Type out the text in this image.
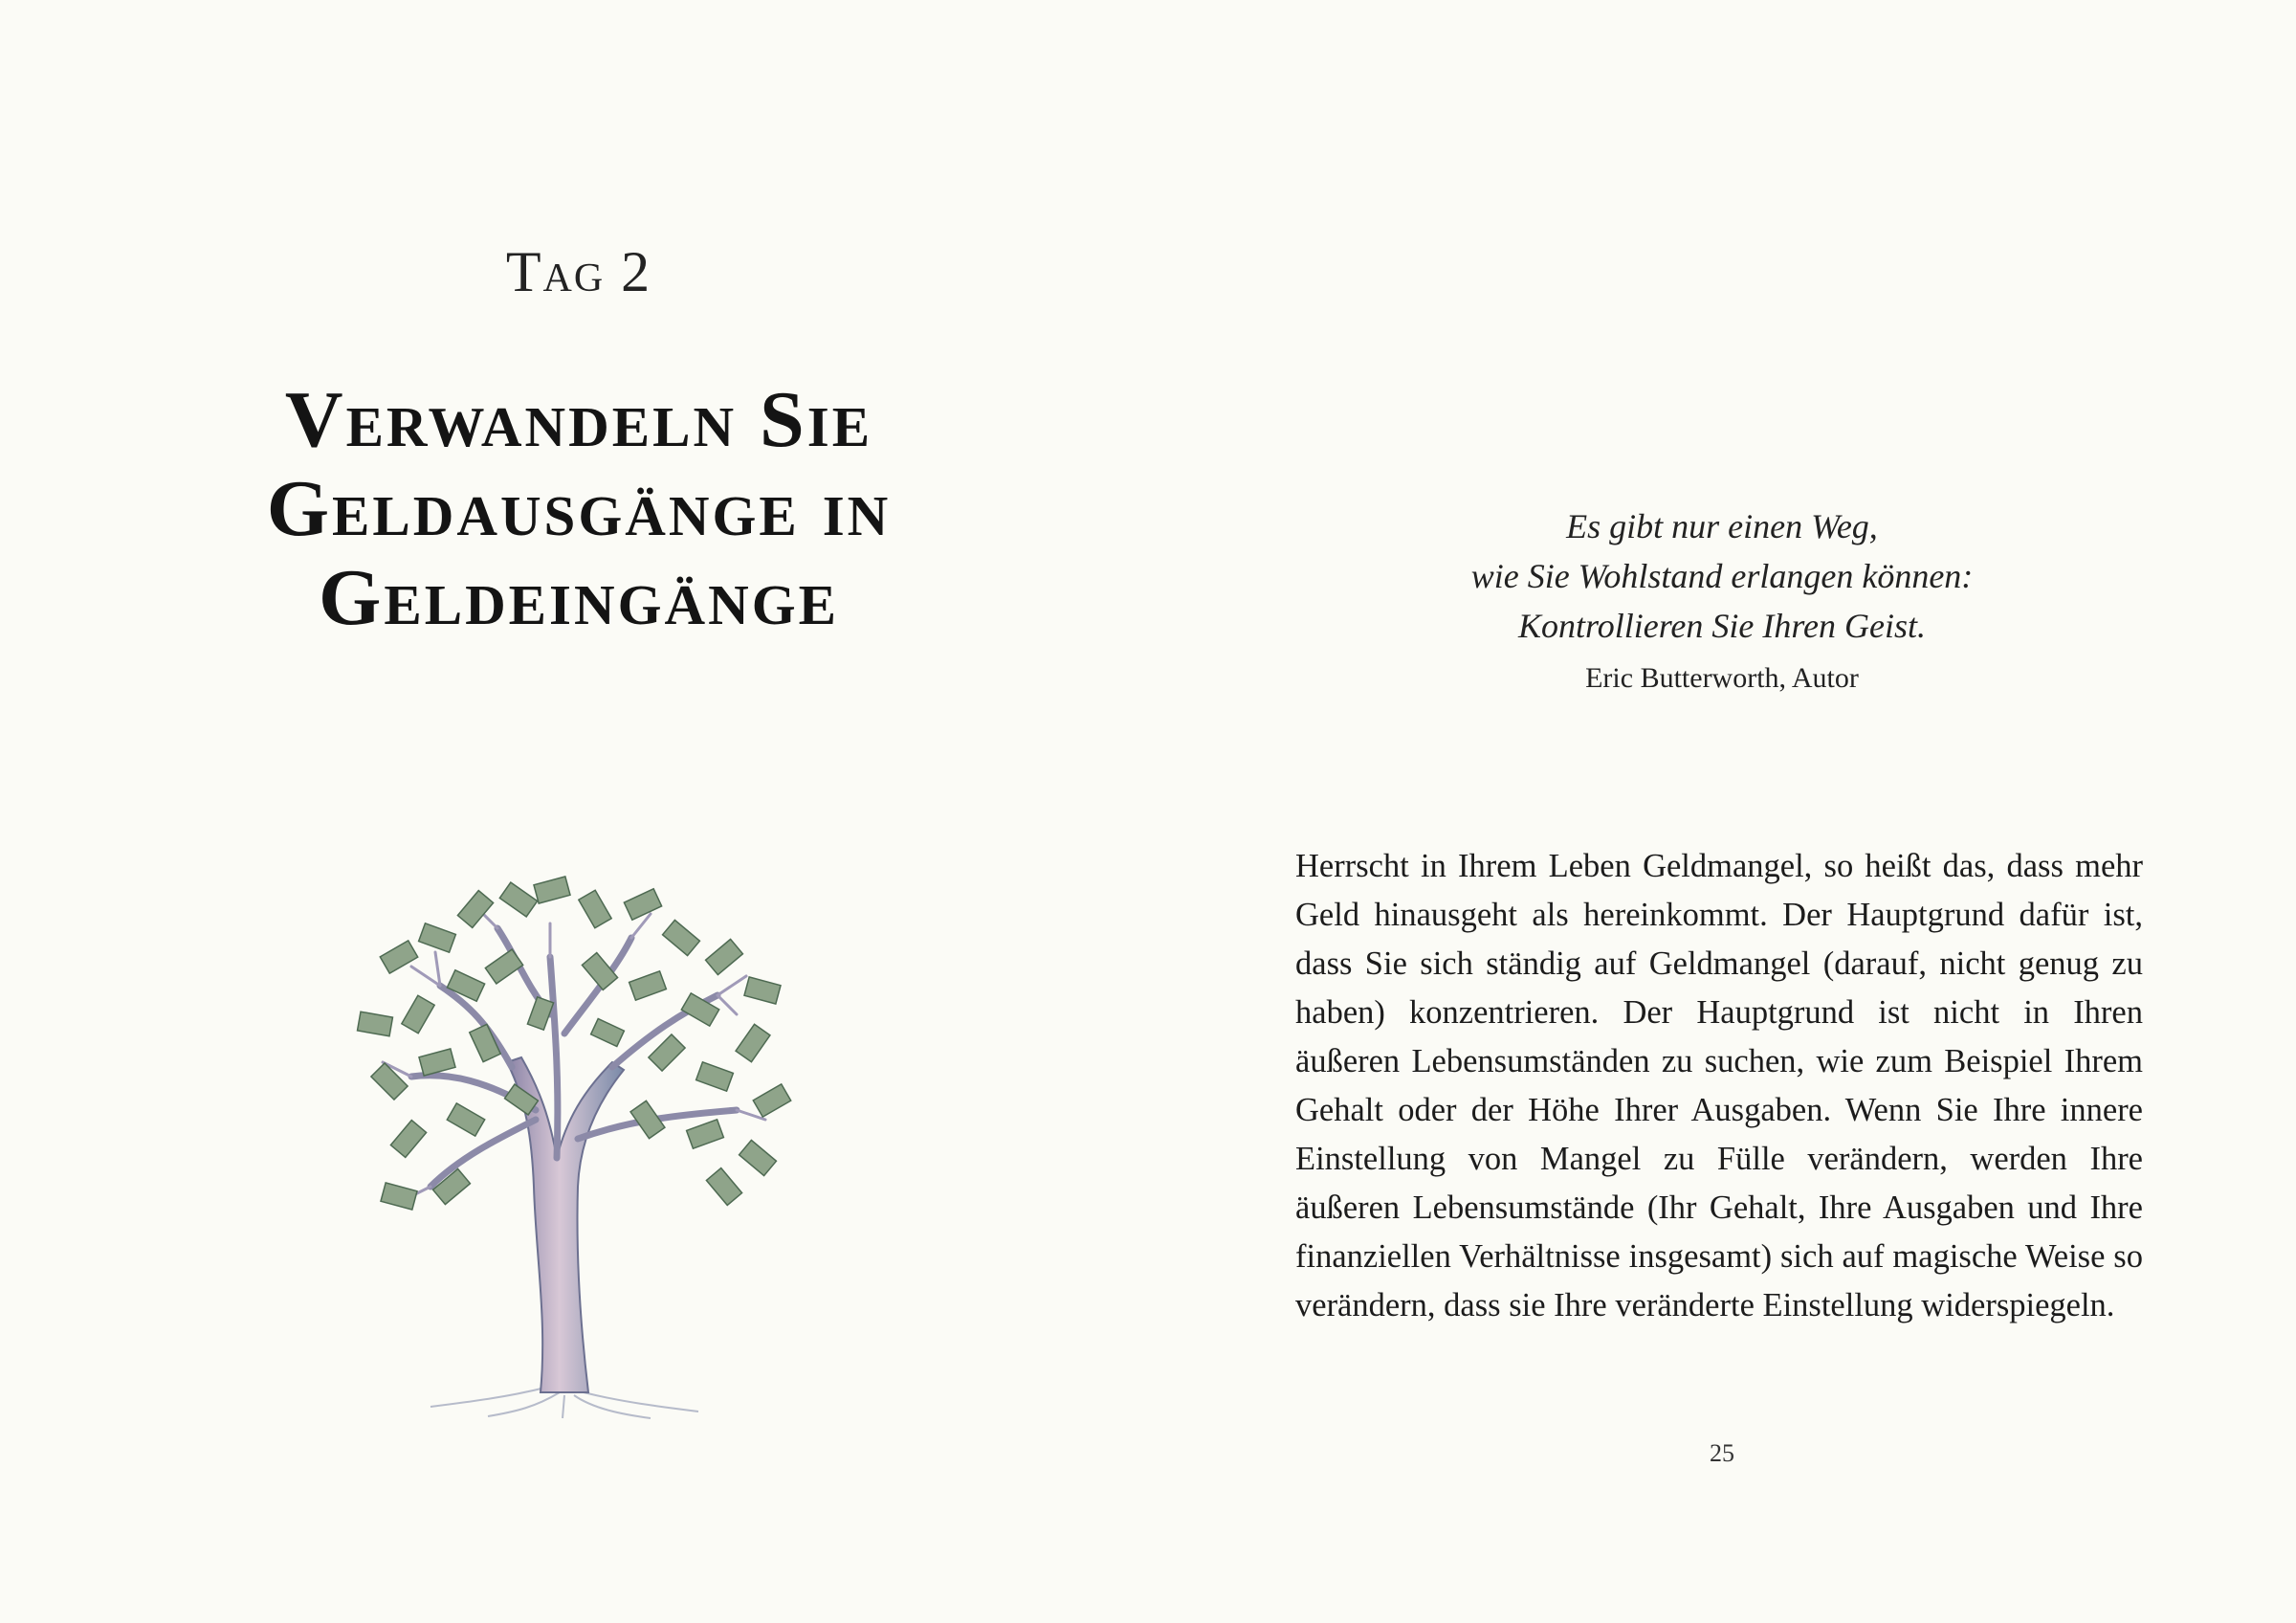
Tag 2
Verwandeln Sie
Geldausgänge in
Geldeingänge
Es gibt nur einen Weg,
wie Sie Wohlstand erlangen können:
Kontrollieren Sie Ihren Geist.
Eric Butterworth, Autor
Herrscht in Ihrem Leben Geldmangel, so heißt das, dass mehr Geld hinausgeht als hereinkommt. Der Hauptgrund dafür ist, dass Sie sich ständig auf Geldmangel (darauf, nicht genug zu haben) konzentrieren. Der Hauptgrund ist nicht in Ihren äußeren Lebensumständen zu suchen, wie zum Beispiel Ihrem Gehalt oder der Höhe Ihrer Ausgaben. Wenn Sie Ihre innere Einstellung von Mangel zu Fülle verändern, werden Ihre äußeren Lebensumstände (Ihr Gehalt, Ihre Ausgaben und Ihre finanziellen Verhältnisse insgesamt) sich auf magische Weise so verändern, dass sie Ihre veränderte Einstellung widerspiegeln.
25
